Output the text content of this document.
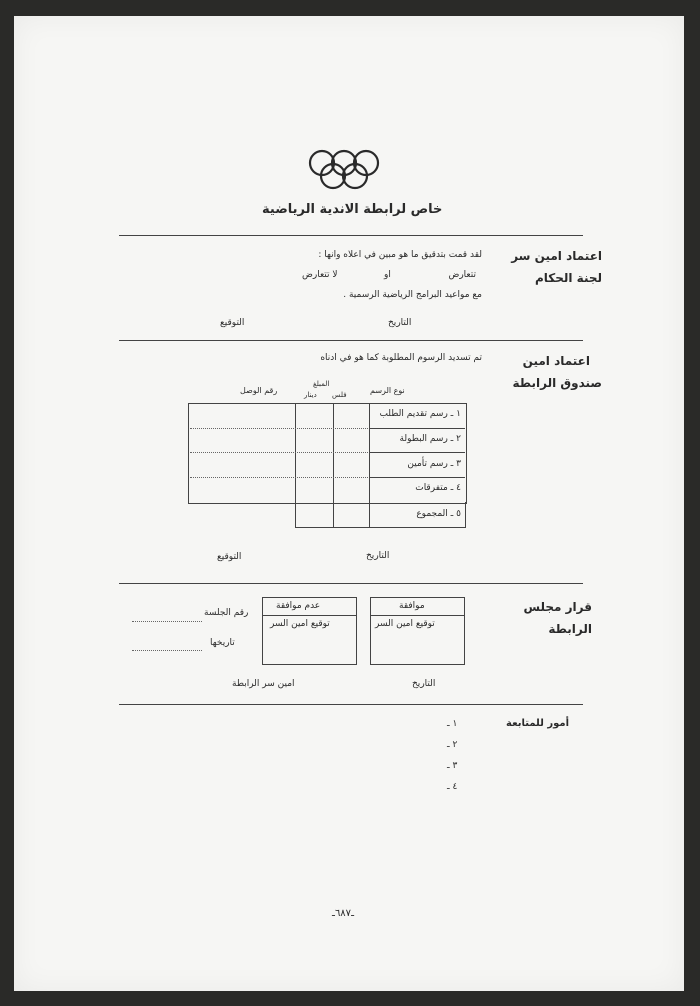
خاص لرابطة الاندية الرياضية
اعتماد امين سر
لجنة الحكام
لقد قمت بتدقيق ما هو مبين في اعلاه وانها :
تتعارض
او
لا تتعارض
مع مواعيد البرامج الرياضية الرسمية .
التاريخ
التوقيع
اعتماد امين
صندوق الرابطة
تم تسديد الرسوم المطلوبة كما هو في ادناه
نوع الرسم
المبلغ
فلس
دينار
رقم الوصل
١ ـ رسم تقديم الطلب
٢ ـ رسم البطولة
٣ ـ رسم تأمين
٤ ـ متفرقات
٥ ـ المجموع
التاريخ
التوقيع
قرار مجلس
الرابطة
موافقة
توقيع امين السر
عدم موافقة
توقيع امين السر
رقم الجلسة
تاريخها
التاريخ
امين سر الرابطة
أمور للمتابعة
١ ـ
٢ ـ
٣ ـ
٤ ـ
ـ٦٨٧ـ
